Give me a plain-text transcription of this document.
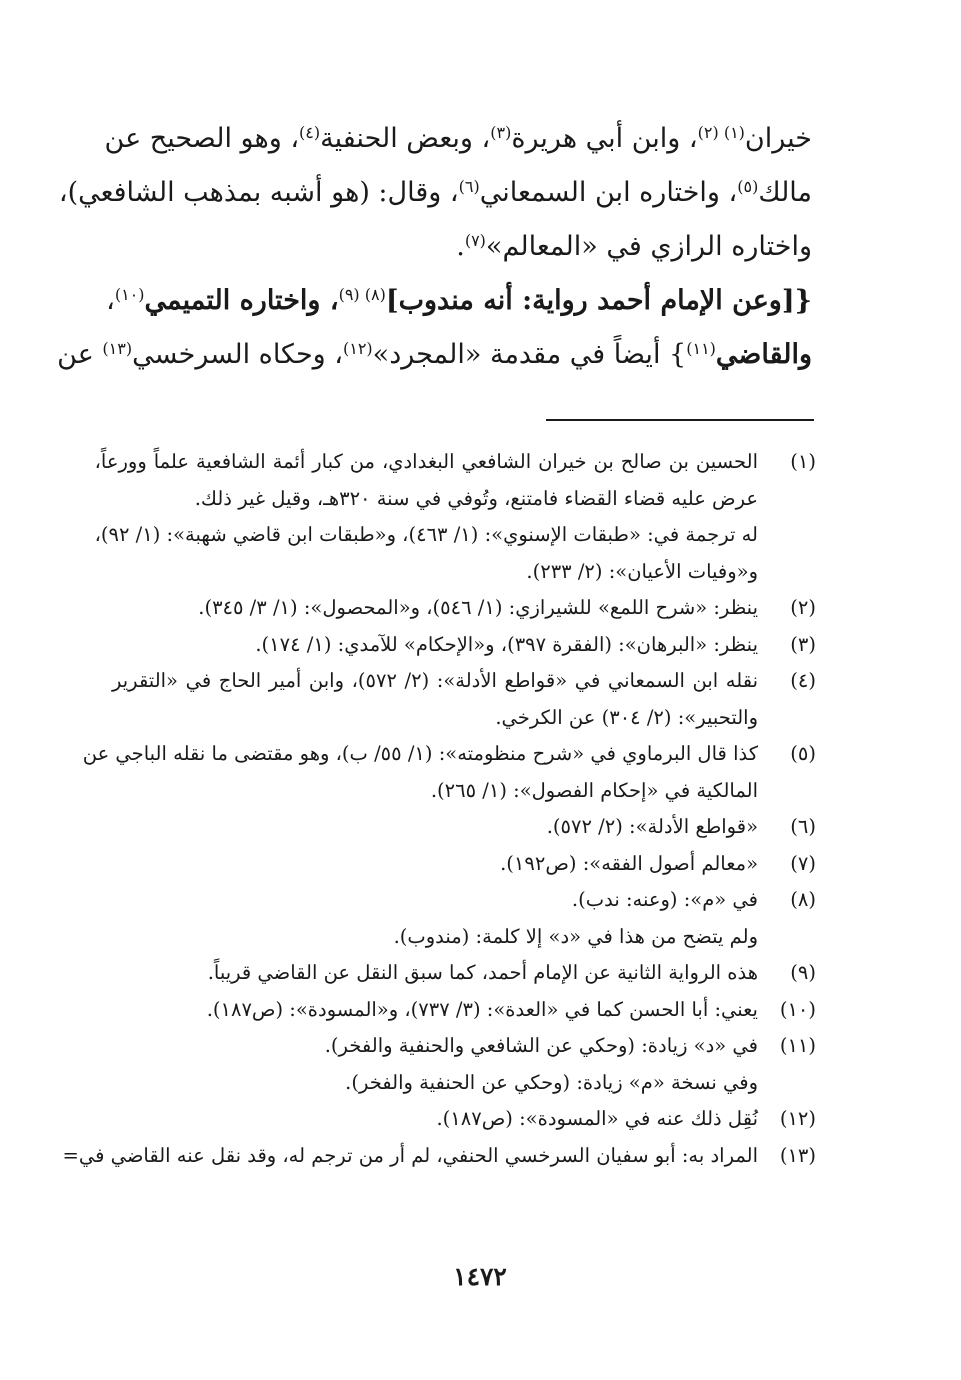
خيران$^{(١) (٢)}$، وابن أبي هريرة$^{(٣)}$، وبعض الحنفية$^{(٤)}$، وهو الصحيح عن
مالك$^{(٥)}$، واختاره ابن السمعاني$^{(٦)}$، وقال: (هو أشبه بمذهب الشافعي)،
واختاره الرازي في «المعالم»$^{(٧)}$.
{[وعن الإمام أحمد رواية: أنه مندوب]$^{(٨) (٩)}$، واختاره التميمي$^{(١٠)}$،
والقاضي$^{(١١)}$} أيضاً في مقدمة «المجرد»$^{(١٢)}$، وحكاه السرخسي$^{(١٣)}$ عن
(١)
الحسين بن صالح بن خيران الشافعي البغدادي، من كبار أئمة الشافعية علماً وورعاً،
عرض عليه قضاء القضاء فامتنع، وتُوفي في سنة ٣٢٠هـ، وقيل غير ذلك.
له ترجمة في: «طبقات الإسنوي»: (١/ ٤٦٣)، و«طبقات ابن قاضي شهبة»: (١/ ٩٢)،
و«وفيات الأعيان»: (٢/ ٢٣٣).
(٢)
ينظر: «شرح اللمع» للشيرازي: (١/ ٥٤٦)، و«المحصول»: (١/ ٣/ ٣٤٥).
(٣)
ينظر: «البرهان»: (الفقرة ٣٩٧)، و«الإحكام» للآمدي: (١/ ١٧٤).
(٤)
نقله ابن السمعاني في «قواطع الأدلة»: (٢/ ٥٧٢)، وابن أمير الحاج في «التقرير
والتحبير»: (٢/ ٣٠٤) عن الكرخي.
(٥)
كذا قال البرماوي في «شرح منظومته»: (١/ ٥٥/ ب)، وهو مقتضى ما نقله الباجي عن
المالكية في «إحكام الفصول»: (١/ ٢٦٥).
(٦)
«قواطع الأدلة»: (٢/ ٥٧٢).
(٧)
«معالم أصول الفقه»: (ص١٩٢).
(٨)
في «م»: (وعنه: ندب).
ولم يتضح من هذا في «د» إلا كلمة: (مندوب).
(٩)
هذه الرواية الثانية عن الإمام أحمد، كما سبق النقل عن القاضي قريباً.
(١٠)
يعني: أبا الحسن كما في «العدة»: (٣/ ٧٣٧)، و«المسودة»: (ص١٨٧).
(١١)
في «د» زيادة: (وحكي عن الشافعي والحنفية والفخر).
وفي نسخة «م» زيادة: (وحكي عن الحنفية والفخر).
(١٢)
نُقِل ذلك عنه في «المسودة»: (ص١٨٧).
(١٣)
المراد به: أبو سفيان السرخسي الحنفي، لم أر من ترجم له، وقد نقل عنه القاضي في=
١٤٧٢
